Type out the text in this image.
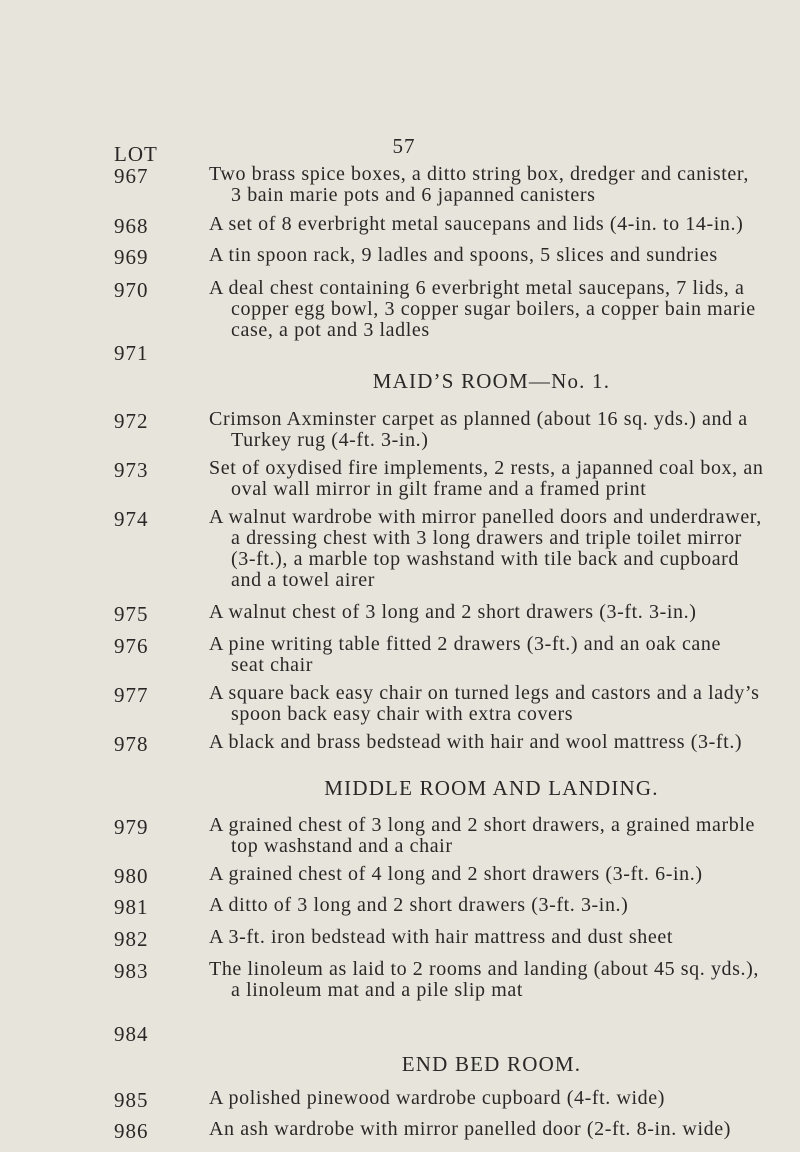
57
LOT
967
968
969
970
971
972
973
974
975
976
977
978
979
980
981
982
983
984
985
986
Two brass spice boxes, a ditto string box, dredger and canister,
3 bain marie pots and 6 japanned canisters
A set of 8 everbright metal saucepans and lids (4-in. to 14-in.)
A tin spoon rack, 9 ladles and spoons, 5 slices and sundries
A deal chest containing 6 everbright metal saucepans, 7 lids, a
copper egg bowl, 3 copper sugar boilers, a copper bain marie
case, a pot and 3 ladles
MAID’S ROOM—No. 1.
Crimson Axminster carpet as planned (about 16 sq. yds.) and a
Turkey rug (4-ft. 3-in.)
Set of oxydised fire implements, 2 rests, a japanned coal box, an
oval wall mirror in gilt frame and a framed print
A walnut wardrobe with mirror panelled doors and underdrawer,
a dressing chest with 3 long drawers and triple toilet mirror
(3-ft.), a marble top washstand with tile back and cupboard
and a towel airer
A walnut chest of 3 long and 2 short drawers (3-ft. 3-in.)
A pine writing table fitted 2 drawers (3-ft.) and an oak cane
seat chair
A square back easy chair on turned legs and castors and a lady’s
spoon back easy chair with extra covers
A black and brass bedstead with hair and wool mattress (3-ft.)
MIDDLE ROOM AND LANDING.
A grained chest of 3 long and 2 short drawers, a grained marble
top washstand and a chair
A grained chest of 4 long and 2 short drawers (3-ft. 6-in.)
A ditto of 3 long and 2 short drawers (3-ft. 3-in.)
A 3-ft. iron bedstead with hair mattress and dust sheet
The linoleum as laid to 2 rooms and landing (about 45 sq. yds.),
a linoleum mat and a pile slip mat
END BED ROOM.
A polished pinewood wardrobe cupboard (4-ft. wide)
An ash wardrobe with mirror panelled door (2-ft. 8-in. wide)
